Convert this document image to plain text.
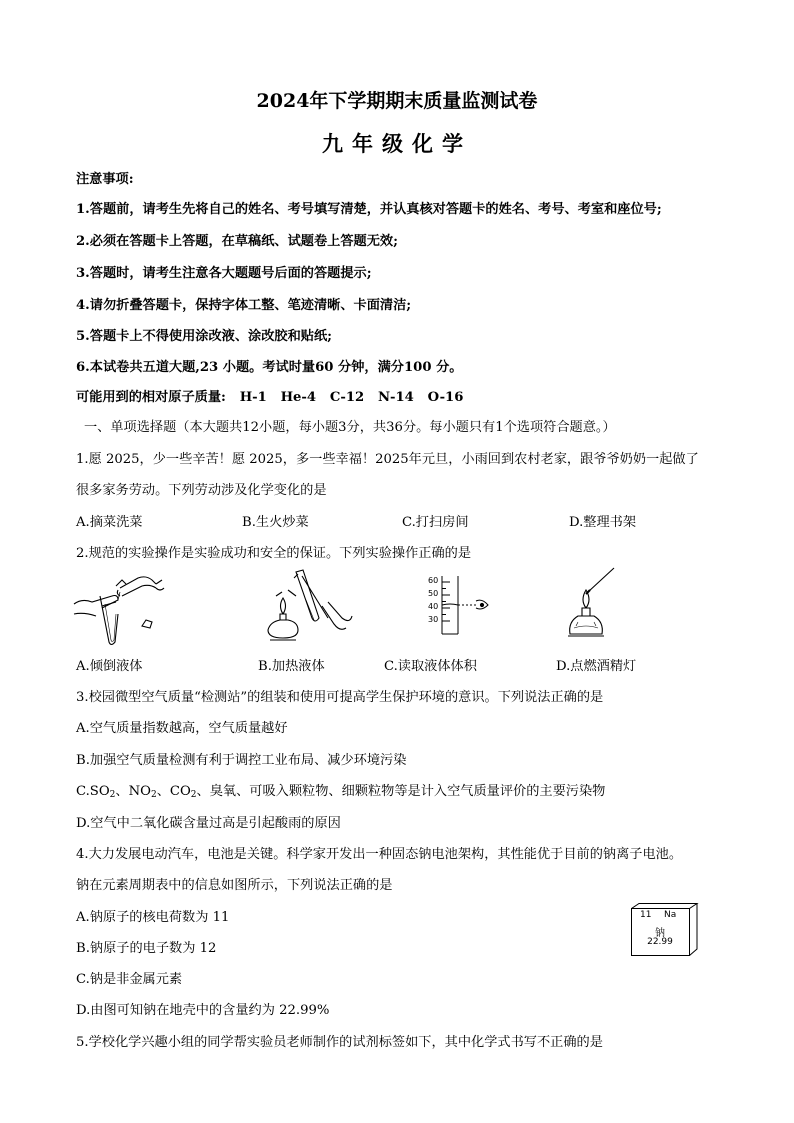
2024年下学期期末质量监测试卷
九年级化学
注意事项:
1.答题前，请考生先将自己的姓名、考号填写清楚，并认真核对答题卡的姓名、考号、考室和座位号;
2.必须在答题卡上答题，在草稿纸、试题卷上答题无效;
3.答题时，请考生注意各大题题号后面的答题提示;
4.请勿折叠答题卡，保持字体工整、笔迹清晰、卡面清洁;
5.答题卡上不得使用涂改液、涂改胶和贴纸;
6.本试卷共五道大题,23 小题。考试时量60 分钟，满分100 分。
可能用到的相对原子质量:   H-1   He-4   C-12   N-14   O-16
一、单项选择题（本大题共12小题，每小题3分，共36分。每小题只有1个选项符合题意。）
1.愿 2025，少一些辛苦！愿 2025，多一些幸福！2025年元旦，小雨回到农村老家，跟爷爷奶奶一起做了
很多家务劳动。下列劳动涉及化学变化的是
A.摘菜洗菜	B.生火炒菜	C.打扫房间	D.整理书架
2.规范的实验操作是实验成功和安全的保证。下列实验操作正确的是
60
50
40
30
A.倾倒液体	B.加热液体	C.读取液体体积	D.点燃酒精灯
3.校园微型空气质量“检测站”的组装和使用可提高学生保护环境的意识。下列说法正确的是
A.空气质量指数越高，空气质量越好
B.加强空气质量检测有利于调控工业布局、减少环境污染
$C.SO_2$、$NO_2$、$CO_2$、臭氧、可吸入颗粒物、细颗粒物等是计入空气质量评价的主要污染物
D.空气中二氧化碳含量过高是引起酸雨的原因
4.大力发展电动汽车，电池是关键。科学家开发出一种固态钠电池架构，其性能优于目前的钠离子电池。
钠在元素周期表中的信息如图所示，下列说法正确的是
A.钠原子的核电荷数为 11
B.钠原子的电子数为 12
C.钠是非金属元素
D.由图可知钠在地壳中的含量约为 22.99%
11 Na
钠
22.99
5.学校化学兴趣小组的同学帮实验员老师制作的试剂标签如下，其中化学式书写不正确的是
